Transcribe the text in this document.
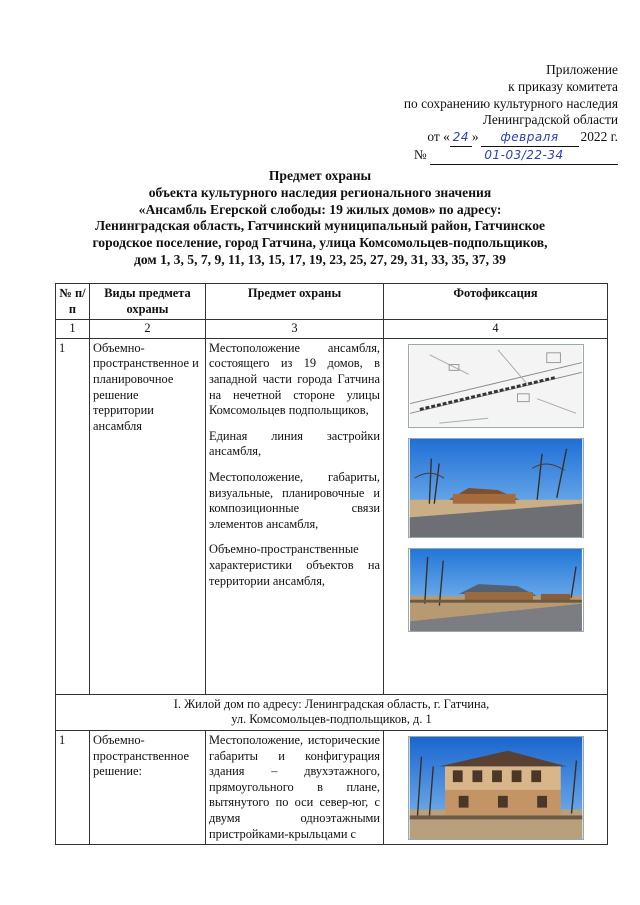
Приложение
к приказу комитета
по сохранению культурного наследия
Ленинградской области
от « 24 » февраля 2022 г.
№	01-03/22-34
Предмет охраны
объекта культурного наследия регионального значения
«Ансамбль Егерской слободы: 19 жилых домов» по адресу:
Ленинградская область, Гатчинский муниципальный район, Гатчинское
городское поселение, город Гатчина, улица Комсомольцев-подпольщиков,
дом 1, 3, 5, 7, 9, 11, 13, 15, 17, 19, 23, 25, 27, 29, 31, 33, 35, 37, 39
№ п/п	Виды предмета охраны	Предмет охраны	Фотофиксация
1	2	3	4
1	Объемно-пространственное и планировочное решение территории ансамбля	Местоположение ансамбля, состоящего из 19 домов, в западной части города Гатчина на нечетной стороне улицы Комсомольцев подпольщиков,
Единая линия застройки ансамбля,
Местоположение, габариты, визуальные, планировочные и композиционные связи элементов ансамбля,
Объемно-пространственные характеристики объектов на территории ансамбля,

I. Жилой дом по адресу: Ленинградская область, г. Гатчина,
ул. Комсомольцев-подпольщиков, д. 1			

1	Объемно-пространственное решение:	Местоположение, исторические габариты и конфигурация здания – двухэтажного, прямоугольного в плане, вытянутого по оси север-юг, с двумя одноэтажными пристройками-крыльцами с	
